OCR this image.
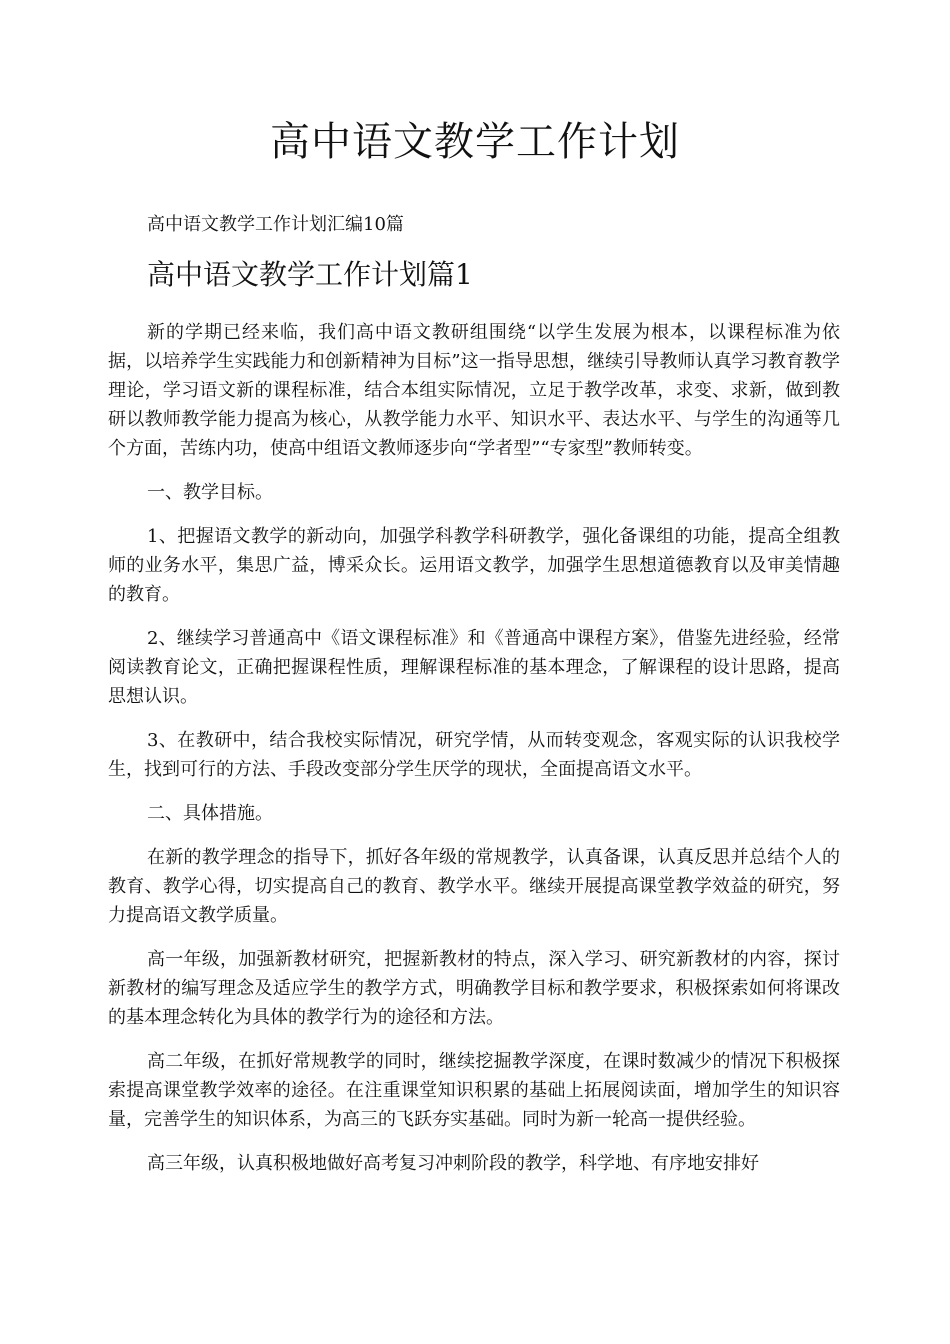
高中语文教学工作计划

高中语文教学工作计划汇编10篇

高中语文教学工作计划篇1

新的学期已经来临，我们高中语文教研组围绕“以学生发展为根本，以课程标准为依据，以培养学生实践能力和创新精神为目标”这一指导思想，继续引导教师认真学习教育教学理论，学习语文新的课程标准，结合本组实际情况，立足于教学改革，求变、求新，做到教研以教师教学能力提高为核心，从教学能力水平、知识水平、表达水平、与学生的沟通等几个方面，苦练内功，使高中组语文教师逐步向“学者型”“专家型”教师转变。

一、教学目标。

1、把握语文教学的新动向，加强学科教学科研教学，强化备课组的功能，提高全组教师的业务水平，集思广益，博采众长。运用语文教学，加强学生思想道德教育以及审美情趣的教育。

2、继续学习普通高中《语文课程标准》和《普通高中课程方案》，借鉴先进经验，经常阅读教育论文，正确把握课程性质，理解课程标准的基本理念，了解课程的设计思路，提高思想认识。

3、在教研中，结合我校实际情况，研究学情，从而转变观念，客观实际的认识我校学生，找到可行的方法、手段改变部分学生厌学的现状，全面提高语文水平。

二、具体措施。

在新的教学理念的指导下，抓好各年级的常规教学，认真备课，认真反思并总结个人的教育、教学心得，切实提高自己的教育、教学水平。继续开展提高课堂教学效益的研究，努力提高语文教学质量。

高一年级，加强新教材研究，把握新教材的特点，深入学习、研究新教材的内容，探讨新教材的编写理念及适应学生的教学方式，明确教学目标和教学要求，积极探索如何将课改的基本理念转化为具体的教学行为的途径和方法。

高二年级，在抓好常规教学的同时，继续挖掘教学深度，在课时数减少的情况下积极探索提高课堂教学效率的途径。在注重课堂知识积累的基础上拓展阅读面，增加学生的知识容量，完善学生的知识体系，为高三的飞跃夯实基础。同时为新一轮高一提供经验。

高三年级，认真积极地做好高考复习冲刺阶段的教学，科学地、有序地安排好
